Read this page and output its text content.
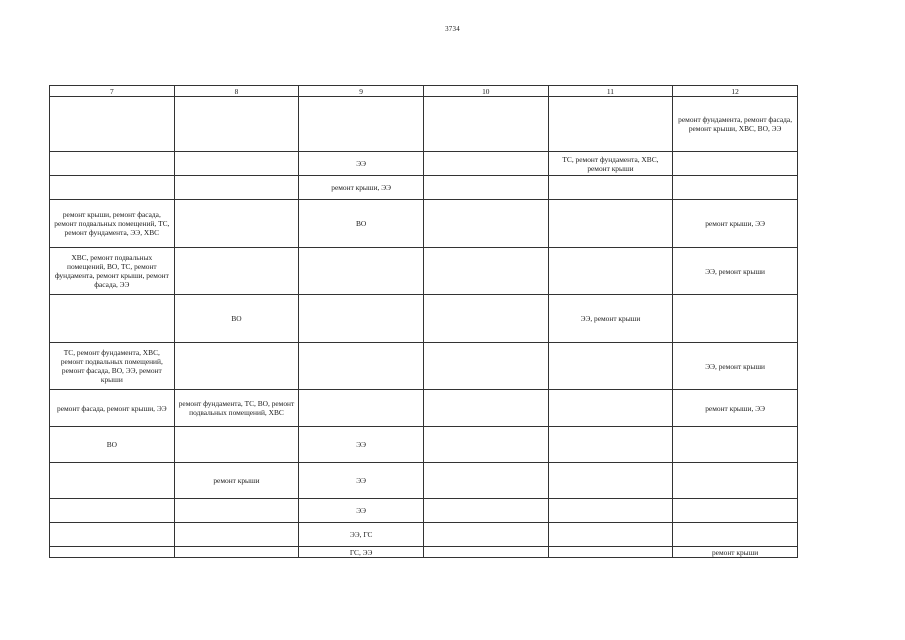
3734
7	8	9	10	11	12
					ремонт фундамента, ремонт фасада, ремонт крыши, ХВС, ВО, ЭЭ
		ЭЭ		ТС, ремонт фундамента, ХВС, ремонт крыши	
		ремонт крыши, ЭЭ			
ремонт крыши, ремонт фасада, ремонт подвальных помещений, ТС, ремонт фундамента, ЭЭ, ХВС		ВО			ремонт крыши, ЭЭ
ХВС, ремонт подвальных помещений, ВО, ТС, ремонт фундамента, ремонт крыши, ремонт фасада, ЭЭ					ЭЭ, ремонт крыши
	ВО			ЭЭ, ремонт крыши	
ТС, ремонт фундамента, ХВС, ремонт подвальных помещений, ремонт фасада, ВО, ЭЭ, ремонт крыши					ЭЭ, ремонт крыши
ремонт фасада, ремонт крыши, ЭЭ	ремонт фундамента, ТС, ВО, ремонт подвальных помещений, ХВС				ремонт крыши, ЭЭ
ВО		ЭЭ			
	ремонт крыши	ЭЭ			
		ЭЭ			
		ЭЭ, ГС			
		ГС, ЭЭ			ремонт крыши
